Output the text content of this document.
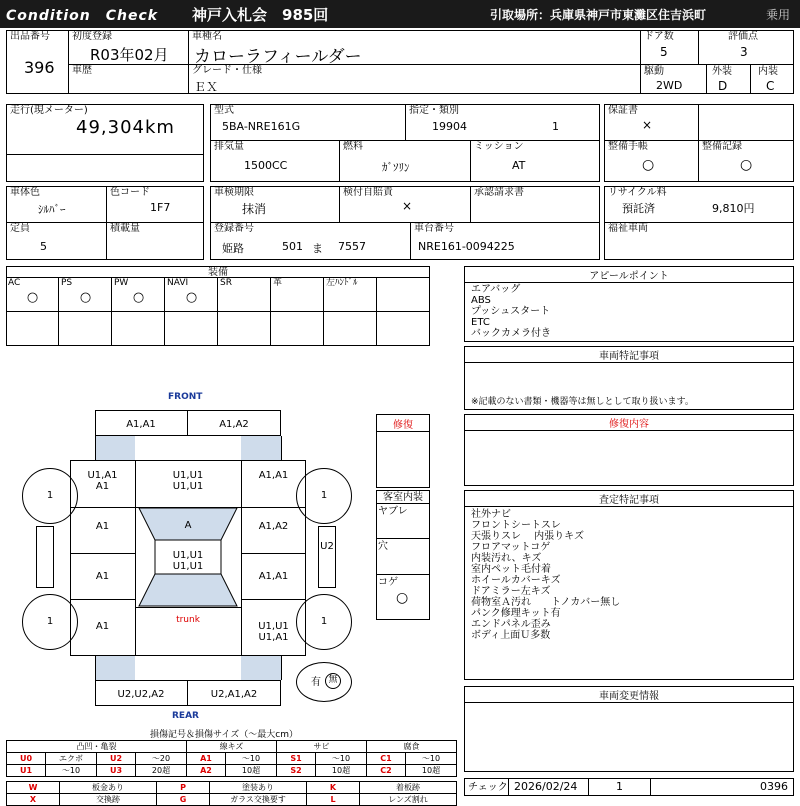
Condition　Check 神戸入札会　985回	引取場所：兵庫県神戸市東灘区住吉浜町	乗用
出品番号
396
初度登録
R03年02月
車歴
車種名
カローラフィールダー
グレード・仕様
ＥＸ
ドア数
5
評価点
3
駆動
2WD
外装
D
内装
C
走行(現メーター)
49,304km
型式
5BA-NRE161G
指定・類別
19904	1
排気量
1500CC
燃料
ｶﾞｿﾘﾝ
ミッション
AT
保証書
×
整備手帳
○
整備記録
○
車体色
ｼﾙﾊﾞｰ
色コード
1F7
定員
5
積載量
車検期限
抹消
検付自賠責
×
承認請求書
登録番号
姫路	501 ま 7557
車台番号
NRE161-0094225
リサイクル料
預託済	9,810円
福祉車両
装備
AC
○
PS
○
PW
○
NAVI
○
SR	革	左ﾊﾝﾄﾞﾙ
アピールポイント
エアバッグ
ABS
プッシュスタート
ETC
バックカメラ付き
車両特記事項
※記載のない書類・機器等は無しとして取り扱います。
修復内容
査定特記事項
社外ナビ
フロントシートスレ
天張りスレ　 内張りキズ
フロアマットコゲ
内装汚れ、キズ
室内ペット毛付着
ホイールカバーキズ
ドアミラー左キズ
荷物室Ａ汚れ　　トノカバー無し
パンク修理キット有
エンドパネル歪み
ボディ上面Ｕ多数
車両変更情報
チェック 2026/02/24	1	0396
修復
客室内装
ヤブレ
穴
コゲ
○
FRONT
REAR
A1,A1	A1,A2
U1,U1
U1,U1
U1,A1
A1
A1,A1
A1	A1,A2
A
U1,U1
U1,U1
A1	A1,A1
trunk
A1	U1,U1
U1,A1
U2,U2,A2	U2,A1,A2
1	1
1	1
U2
有 無
損傷記号＆損傷サイズ（～最大cm）
凸凹・亀裂				線キズ		サビ		腐食	
U0	エクボ	U2	～20	A1	～10	S1	～10	C1	～10
U1	～10	U3	20超	A2	10超	S2	10超	C2	10超
W	板金あり	P	塗装あり	K	着板跡
X	交換跡	G	ガラス交換要す	L	レンズ割れ
